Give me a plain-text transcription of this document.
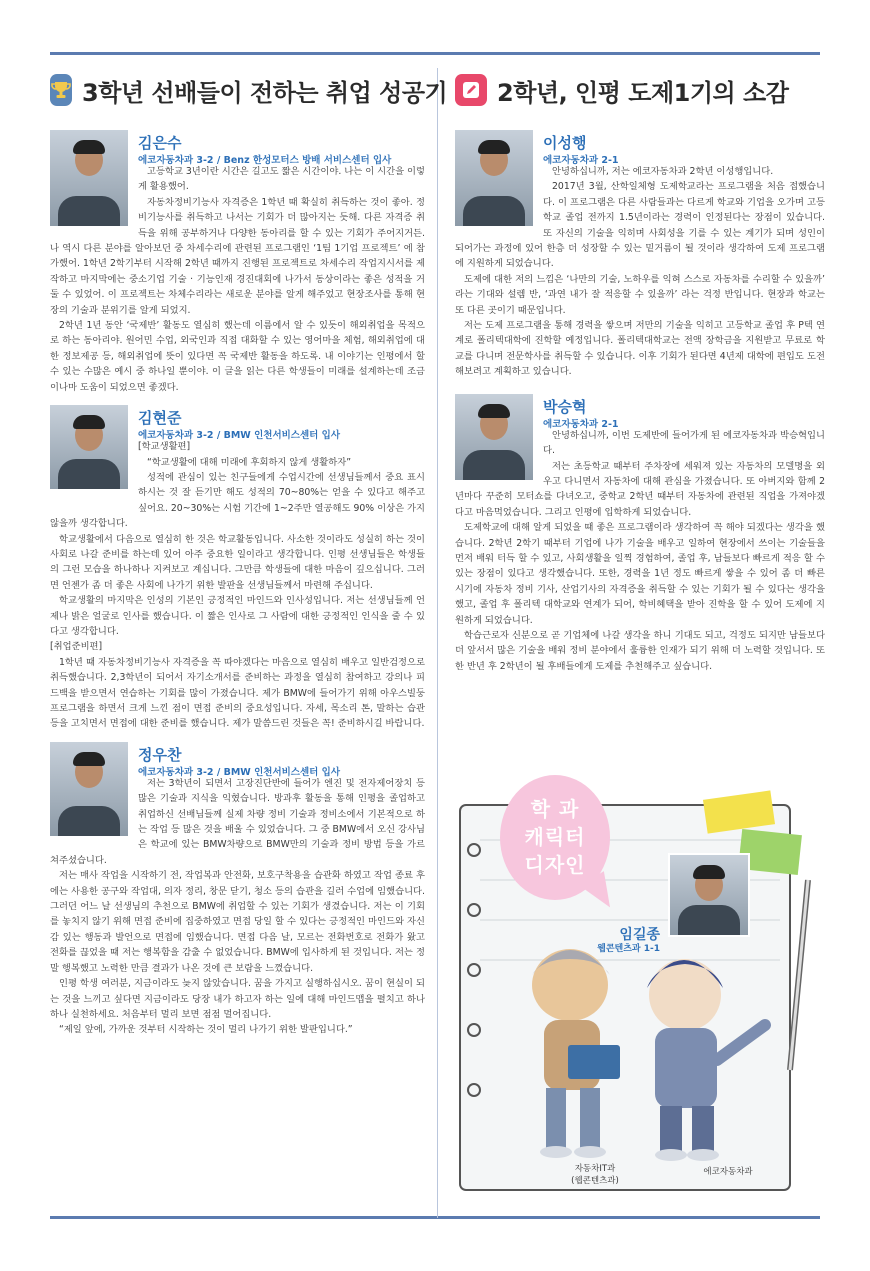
3학년 선배들이 전하는 취업 성공기
김은수
에코자동차과 3-2 / Benz 한성모터스 방배 서비스센터 입사

고등학교 3년이란 시간은 길고도 짧은 시간이야. 나는 이 시간을 이렇게 활용했어.

자동차정비기능사 자격증은 1학년 때 확실히 취득하는 것이 좋아. 정비기능사를 취득하고 나서는 기회가 더 많아지는 듯해. 다른 자격증 취득을 위해 공부하거나 다양한 동아리를 할 수 있는 기회가 주어지거든. 나 역시 다른 분야를 알아보던 중 차세수리에 관련된 프로그램인 ‘1팀 1기업 프로젝트’ 에 참가했어. 1학년 2학기부터 시작해 2학년 때까지 진행된 프로젝트로 차세수리 작업지시서를 제작하고 마지막에는 중소기업 기술 · 기능인재 경진대회에 나가서 동상이라는 좋은 성적을 거둘 수 있었어. 이 프로젝트는 차체수리라는 새로운 분야를 알게 해주었고 현장조사를 통해 현장의 기술과 분위기를 알게 되었지.

2학년 1년 동안 ‘국제반’ 활동도 열심히 했는데 이름에서 알 수 있듯이 해외취업을 목적으로 하는 동아리야. 원어민 수업, 외국인과 직접 대화할 수 있는 영어마을 체험, 해외취업에 대한 정보제공 등, 해외취업에 뜻이 있다면 꼭 국제반 활동을 하도록. 내 이야기는 인평에서 할 수 있는 수많은 예시 중 하나일 뿐이야. 이 글을 읽는 다른 학생들이 미래를 설계하는데 조금이나마 도움이 되었으면 좋겠다.

김현준
에코자동차과 3-2 / BMW 인천서비스센터 입사

[학교생활편]

“학교생활에 대해 미래에 후회하지 않게 생활하자”

성적에 관심이 있는 친구들에게 수업시간에 선생님들께서 중요 표시 하시는 것 잘 듣기만 해도 성적의 70~80%는 얻을 수 있다고 해주고 싶어요. 20~30%는 시험 기간에 1~2주만 열공해도 90% 이상은 가지 않을까 생각합니다.

학교생활에서 다음으로 열심히 한 것은 학교활동입니다. 사소한 것이라도 성실히 하는 것이 사회로 나갈 준비를 하는데 있어 아주 중요한 일이라고 생각합니다. 인평 선생님들은 학생들의 그런 모습을 하나하나 지켜보고 계십니다. 그만큼 학생들에 대한 마음이 깊으십니다. 그러면 언젠가 좀 더 좋은 사회에 나가기 위한 발판을 선생님들께서 마련해 주십니다.

학교생활의 마지막은 인성의 기본인 긍정적인 마인드와 인사성입니다. 저는 선생님들께 언제나 밝은 얼굴로 인사를 했습니다. 이 짧은 인사로 그 사람에 대한 긍정적인 인식을 줄 수 있다고 생각합니다.

[취업준비편]

1학년 때 자동차정비기능사 자격증을 꼭 따야겠다는 마음으로 열심히 배우고 일반검정으로 취득했습니다. 2,3학년이 되어서 자기소개서를 준비하는 과정을 열심히 참여하고 강의나 피드백을 받으면서 연습하는 기회를 많이 가졌습니다. 제가 BMW에 들어가기 위해 아우스빌둥 프로그램을 하면서 크게 느낀 점이 면접 준비의 중요성입니다. 자세, 목소리 톤, 말하는 습관 등을 고치면서 면접에 대한 준비를 했습니다. 제가 말씀드린 것들은 꼭! 준비하시길 바랍니다.

정우찬
에코자동차과 3-2 / BMW 인천서비스센터 입사

저는 3학년이 되면서 고장진단반에 들어가 엔진 및 전자제어장치 등 많은 기술과 지식을 익혔습니다. 방과후 활동을 통해 인평을 졸업하고 취업하신 선배님들께 실제 차량 정비 기술과 정비소에서 기본적으로 하는 작업 등 많은 것을 배울 수 있었습니다. 그 중 BMW에서 오신 강사님은 학교에 있는 BMW차량으로 BMW만의 기술과 정비 방법 등을 가르쳐주셨습니다.

저는 매사 작업을 시작하기 전, 작업복과 안전화, 보호구착용을 습관화 하였고 작업 종료 후에는 사용한 공구와 작업대, 의자 정리, 창문 닫기, 청소 등의 습관을 길러 수업에 임했습니다. 그러던 어느 날 선생님의 추천으로 BMW에 취업할 수 있는 기회가 생겼습니다. 저는 이 기회를 놓치지 않기 위해 면접 준비에 집중하였고 면접 당일 할 수 있다는 긍정적인 마인드와 자신감 있는 행동과 발언으로 면접에 임했습니다. 면접 다음 날, 모르는 전화번호로 전화가 왔고 전화를 끊었을 때 저는 행복함을 감출 수 없었습니다. BMW에 입사하게 된 것입니다. 저는 정말 행복했고 노력한 만큼 결과가 나온 것에 큰 보람을 느꼈습니다.

인평 학생 여러분, 지금이라도 늦지 않았습니다. 꿈을 가지고 실행하십시오. 꿈이 현실이 되는 것을 느끼고 싶다면 지금이라도 당장 내가 하고자 하는 일에 대해 마인드맵을 펼치고 하나하나 실천하세요. 처음부터 멀리 보면 점점 멀어집니다.

“제일 앞에, 가까운 것부터 시작하는 것이 멀리 나가기 위한 발판입니다.”

2학년, 인평 도제1기의 소감
이성행
에코자동차과 2-1

안녕하십니까, 저는 에코자동차과 2학년 이성행입니다.

2017년 3월, 산학일체형 도제학교라는 프로그램을 처음 접했습니다. 이 프로그램은 다른 사람들과는 다르게 학교와 기업을 오가며 고등학교 졸업 전까지 1.5년이라는 경력이 인정된다는 장점이 있습니다. 또 자신의 기술을 익히며 사회성을 기를 수 있는 계기가 되며 성인이 되어가는 과정에 있어 한층 더 성장할 수 있는 밑거름이 될 것이라 생각하여 도제 프로그램에 지원하게 되었습니다.

도제에 대한 저의 느낌은 ‘나만의 기술, 노하우를 익혀 스스로 자동차를 수리할 수 있을까’ 라는 기대와 설렘 반, ‘과연 내가 잘 적응할 수 있을까’ 라는 걱정 반입니다. 현장과 학교는 또 다른 곳이기 때문입니다.

저는 도제 프로그램을 통해 경력을 쌓으며 저만의 기술을 익히고 고등학교 졸업 후 P텍 연계로 폴리텍대학에 진학할 예정입니다. 폴리텍대학교는 전액 장학금을 지원받고 무료로 학교를 다니며 전문학사를 취득할 수 있습니다. 이후 기회가 된다면 4년제 대학에 편입도 도전해보려고 계획하고 있습니다.

박승혁
에코자동차과 2-1

안녕하십니까, 이번 도제반에 들어가게 된 에코자동차과 박승혁입니다.

저는 초등학교 때부터 주차장에 세워져 있는 자동차의 모델명을 외우고 다니면서 자동차에 대해 관심을 가졌습니다. 또 아버지와 함께 2년마다 꾸준히 모터쇼를 다녀오고, 중학교 2학년 때부터 자동차에 관련된 직업을 가져야겠다고 마음먹었습니다. 그리고 인평에 입학하게 되었습니다.

도제학교에 대해 알게 되었을 때 좋은 프로그램이라 생각하여 꼭 해야 되겠다는 생각을 했습니다. 2학년 2학기 때부터 기업에 나가 기술을 배우고 일하여 현장에서 쓰이는 기술들을 먼저 배워 터득 할 수 있고, 사회생활을 일찍 경험하여, 졸업 후, 남들보다 빠르게 적응 할 수 있는 장점이 있다고 생각했습니다. 또한, 경력을 1년 정도 빠르게 쌓을 수 있어 좀 더 빠른 시기에 자동차 정비 기사, 산업기사의 자격증을 취득할 수 있는 기회가 될 수 있다는 생각을 했고, 졸업 후 폴리텍 대학교와 연계가 되어, 학비혜택을 받아 진학을 할 수 있어 도제에 지원하게 되었습니다.

학습근로자 신분으로 곧 기업체에 나갈 생각을 하니 기대도 되고, 걱정도 되지만 남들보다 더 앞서서 많은 기술을 배워 정비 분야에서 훌륭한 인재가 되기 위해 더 노력할 것입니다. 또한 반년 후 2학년이 될 후배들에게 도제를 추천해주고 싶습니다.

학 과
캐릭터
디자인
임길종
웹콘텐츠과 1-1
자동차IT과
(웹콘텐츠과)
에코자동차과
